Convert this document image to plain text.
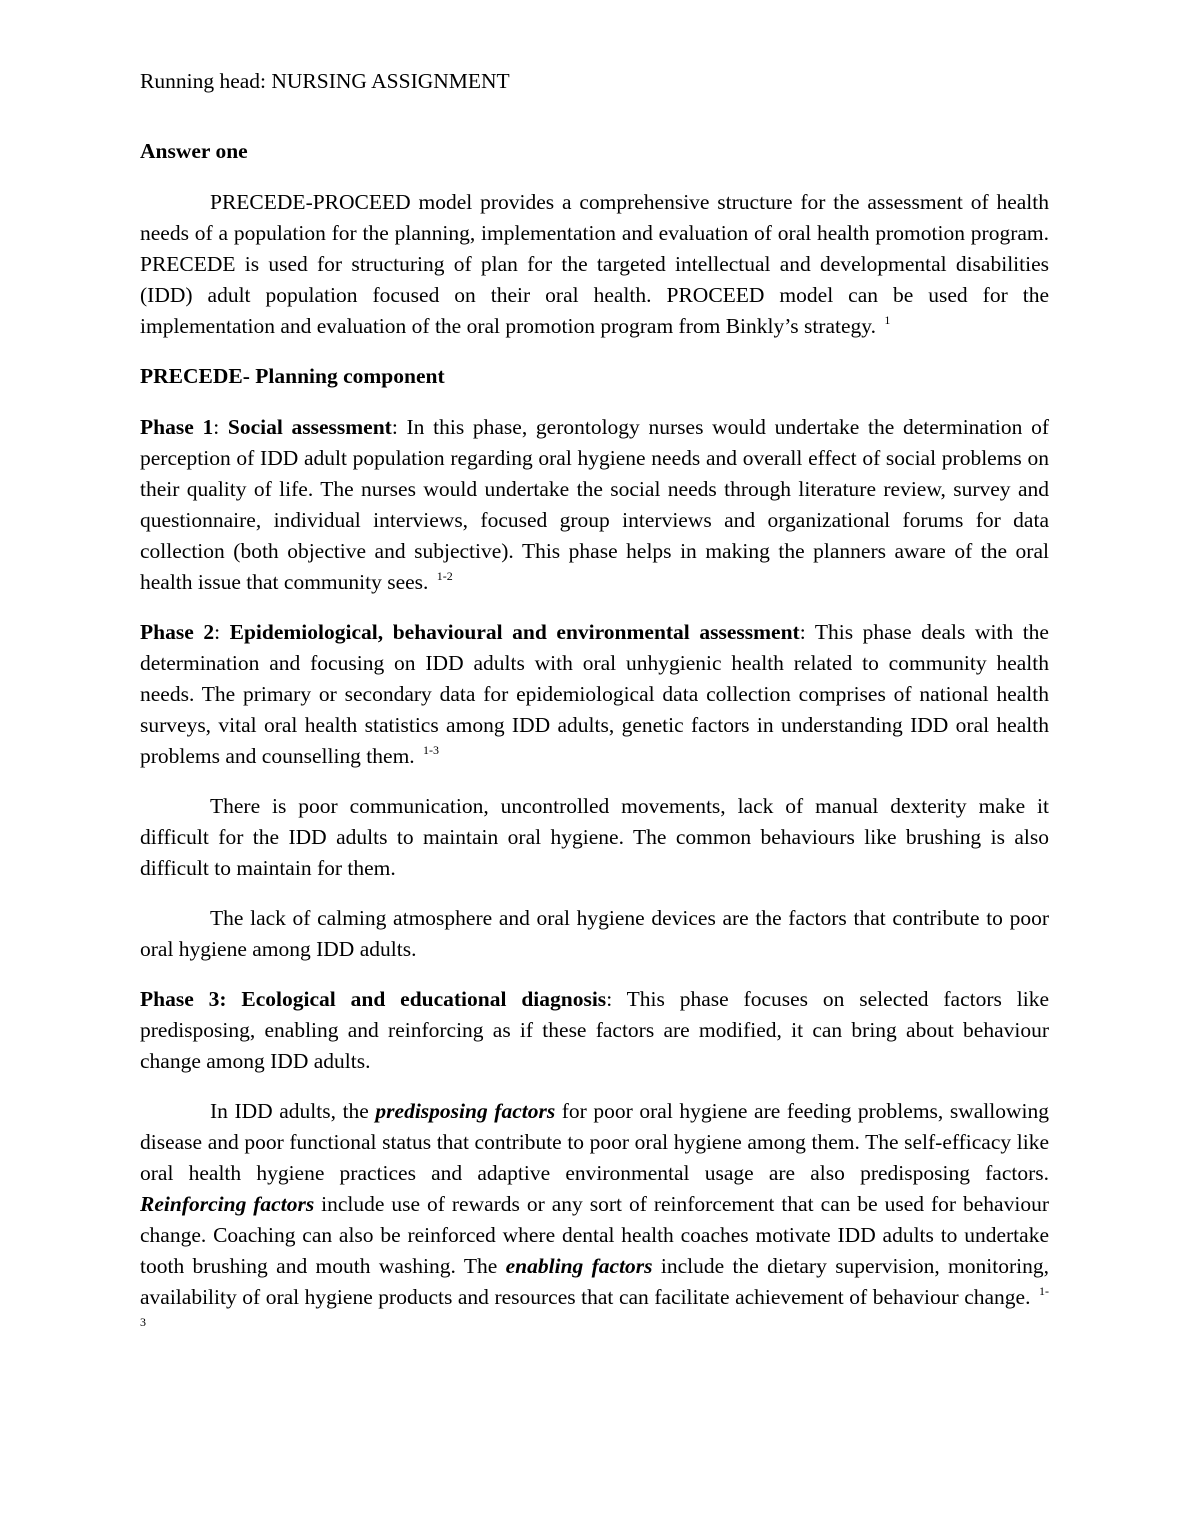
Running head: NURSING ASSIGNMENT
Answer one

PRECEDE-PROCEED model provides a comprehensive structure for the assessment of health needs of a population for the planning, implementation and evaluation of oral health promotion program. PRECEDE is used for structuring of plan for the targeted intellectual and developmental disabilities (IDD) adult population focused on their oral health. PROCEED model can be used for the implementation and evaluation of the oral promotion program from Binkly’s strategy. $^1$

PRECEDE- Planning component

Phase 1: Social assessment: In this phase, gerontology nurses would undertake the determination of perception of IDD adult population regarding oral hygiene needs and overall effect of social problems on their quality of life. The nurses would undertake the social needs through literature review, survey and questionnaire, individual interviews, focused group interviews and organizational forums for data collection (both objective and subjective). This phase helps in making the planners aware of the oral health issue that community sees. $^{1-2}$

Phase 2: Epidemiological, behavioural and environmental assessment: This phase deals with the determination and focusing on IDD adults with oral unhygienic health related to community health needs. The primary or secondary data for epidemiological data collection comprises of national health surveys, vital oral health statistics among IDD adults, genetic factors in understanding IDD oral health problems and counselling them. $^{1-3}$

There is poor communication, uncontrolled movements, lack of manual dexterity make it difficult for the IDD adults to maintain oral hygiene. The common behaviours like brushing is also difficult to maintain for them.

The lack of calming atmosphere and oral hygiene devices are the factors that contribute to poor oral hygiene among IDD adults.

Phase 3: Ecological and educational diagnosis: This phase focuses on selected factors like predisposing, enabling and reinforcing as if these factors are modified, it can bring about behaviour change among IDD adults.

In IDD adults, the predisposing factors for poor oral hygiene are feeding problems, swallowing disease and poor functional status that contribute to poor oral hygiene among them. The self-efficacy like oral health hygiene practices and adaptive environmental usage are also predisposing factors. Reinforcing factors include use of rewards or any sort of reinforcement that can be used for behaviour change. Coaching can also be reinforced where dental health coaches motivate IDD adults to undertake tooth brushing and mouth washing. The enabling factors include the dietary supervision, monitoring, availability of oral hygiene products and resources that can facilitate achievement of behaviour change. $^{1-3}$
